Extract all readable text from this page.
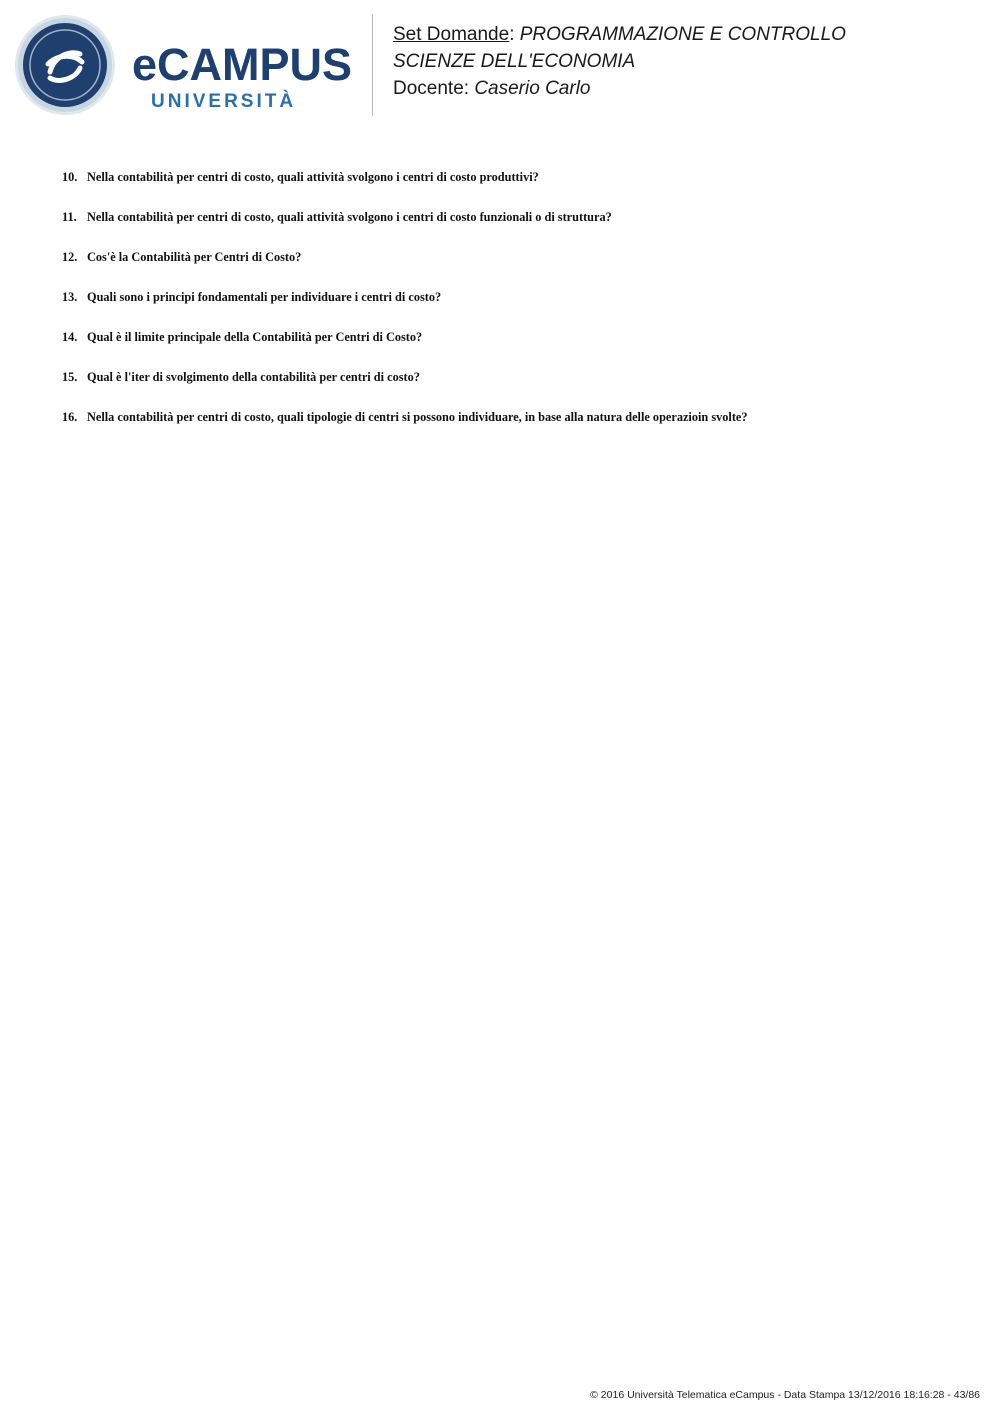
eCAMPUS
UNIVERSITÀ
Set Domande: PROGRAMMAZIONE E CONTROLLO
SCIENZE DELL'ECONOMIA
Docente: Caserio Carlo
10. Nella contabilità per centri di costo, quali attività svolgono i centri di costo produttivi?
11. Nella contabilità per centri di costo, quali attività svolgono i centri di costo funzionali o di struttura?
12. Cos'è la Contabilità per Centri di Costo?
13. Quali sono i principi fondamentali per individuare i centri di costo?
14. Qual è il limite principale della Contabilità per Centri di Costo?
15. Qual è l'iter di svolgimento della contabilità per centri di costo?
16. Nella contabilità per centri di costo, quali tipologie di centri si possono individuare, in base alla natura delle operazioin svolte?
© 2016 Università Telematica eCampus - Data Stampa 13/12/2016 18:16:28 - 43/86
